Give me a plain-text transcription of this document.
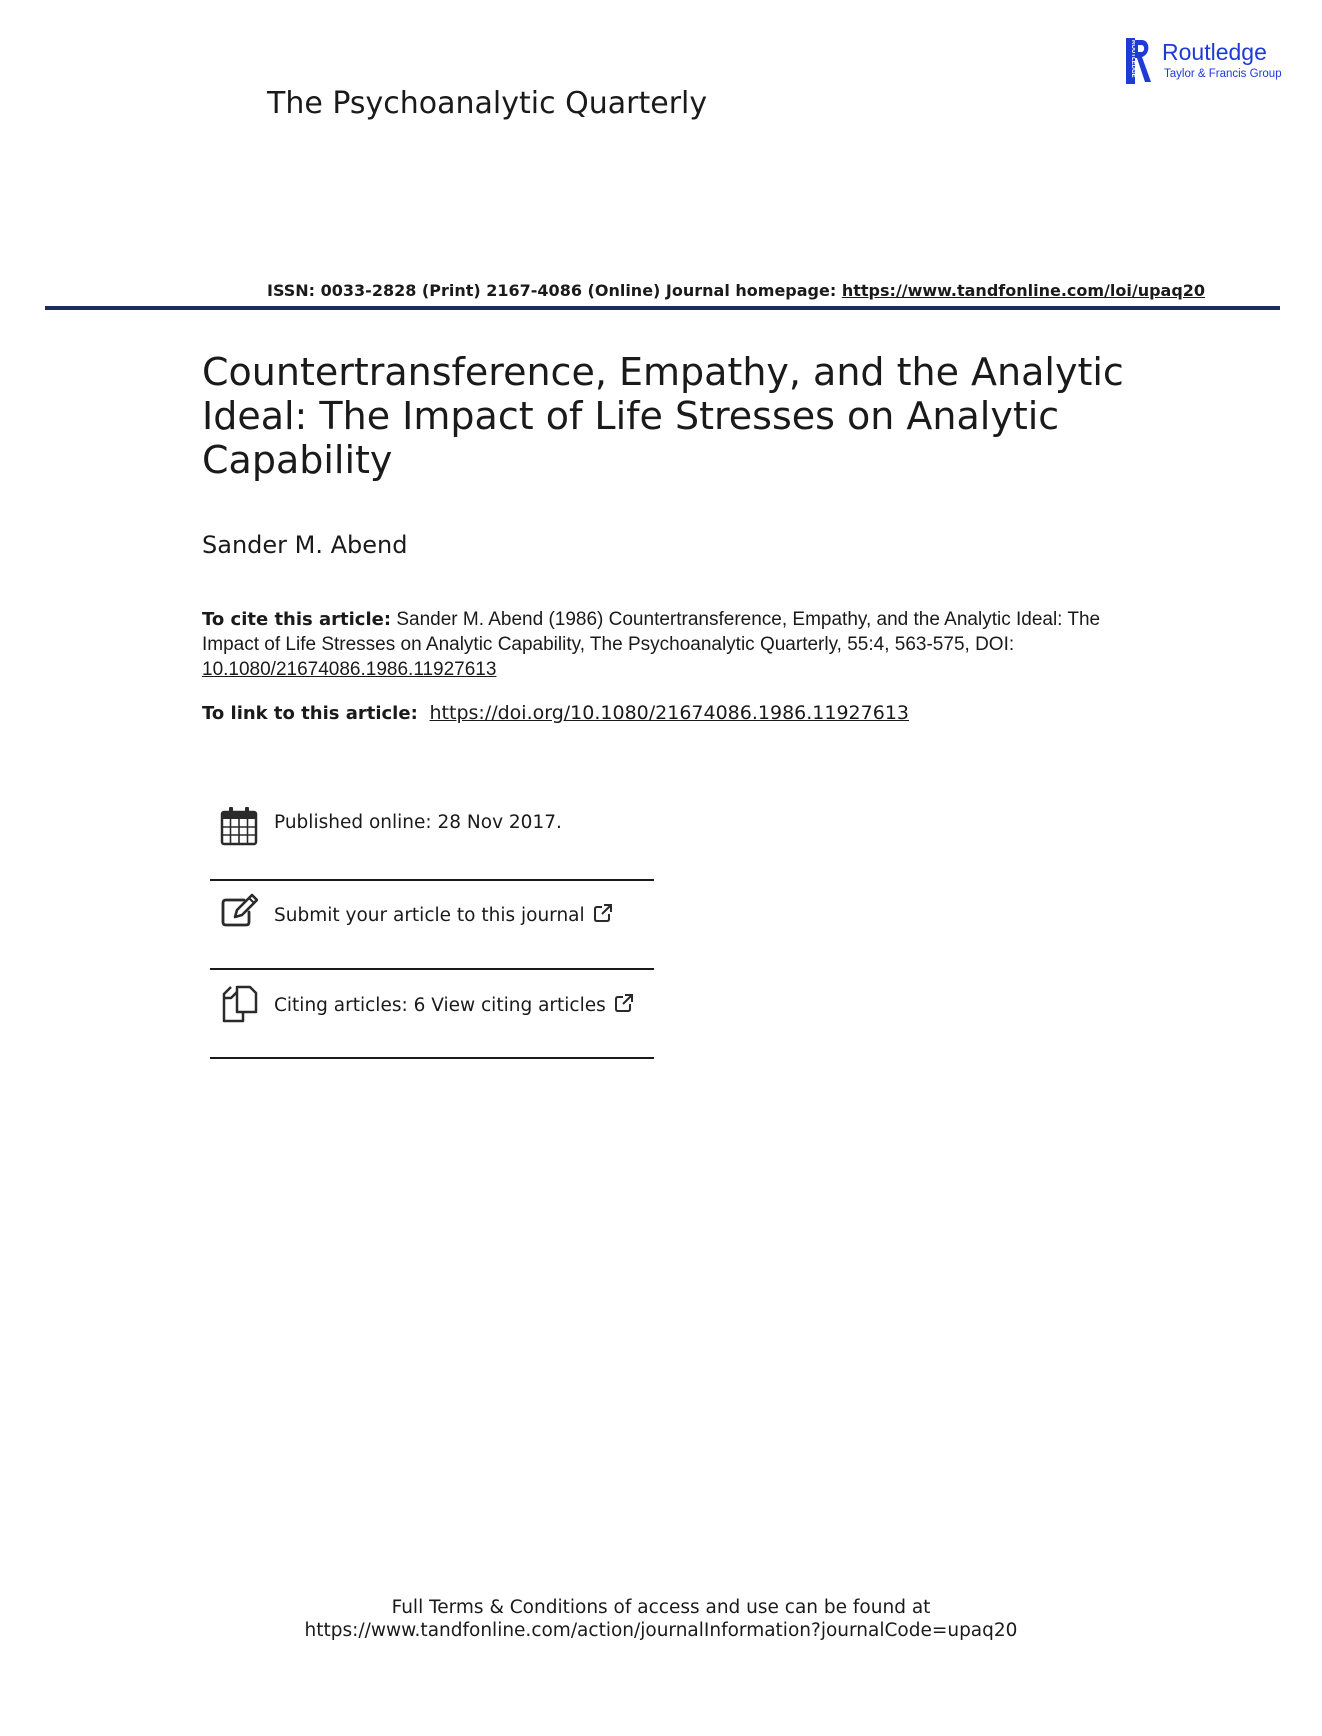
The Psychoanalytic Quarterly
ROUTLEDGE Routledge
Taylor & Francis Group
ISSN: 0033-2828 (Print) 2167-4086 (Online) Journal homepage: https://www.tandfonline.com/loi/upaq20
Countertransference, Empathy, and the Analytic Ideal: The Impact of Life Stresses on Analytic Capability
Sander M. Abend
To cite this article: Sander M. Abend (1986) Countertransference, Empathy, and the Analytic Ideal: The Impact of Life Stresses on Analytic Capability, The Psychoanalytic Quarterly, 55:4, 563-575, DOI: 10.1080/21674086.1986.11927613
To link to this article: https://doi.org/10.1080/21674086.1986.11927613
Published online: 28 Nov 2017.
Submit your article to this journal
Citing articles: 6 View citing articles
Full Terms & Conditions of access and use can be found at
https://www.tandfonline.com/action/journalInformation?journalCode=upaq20
